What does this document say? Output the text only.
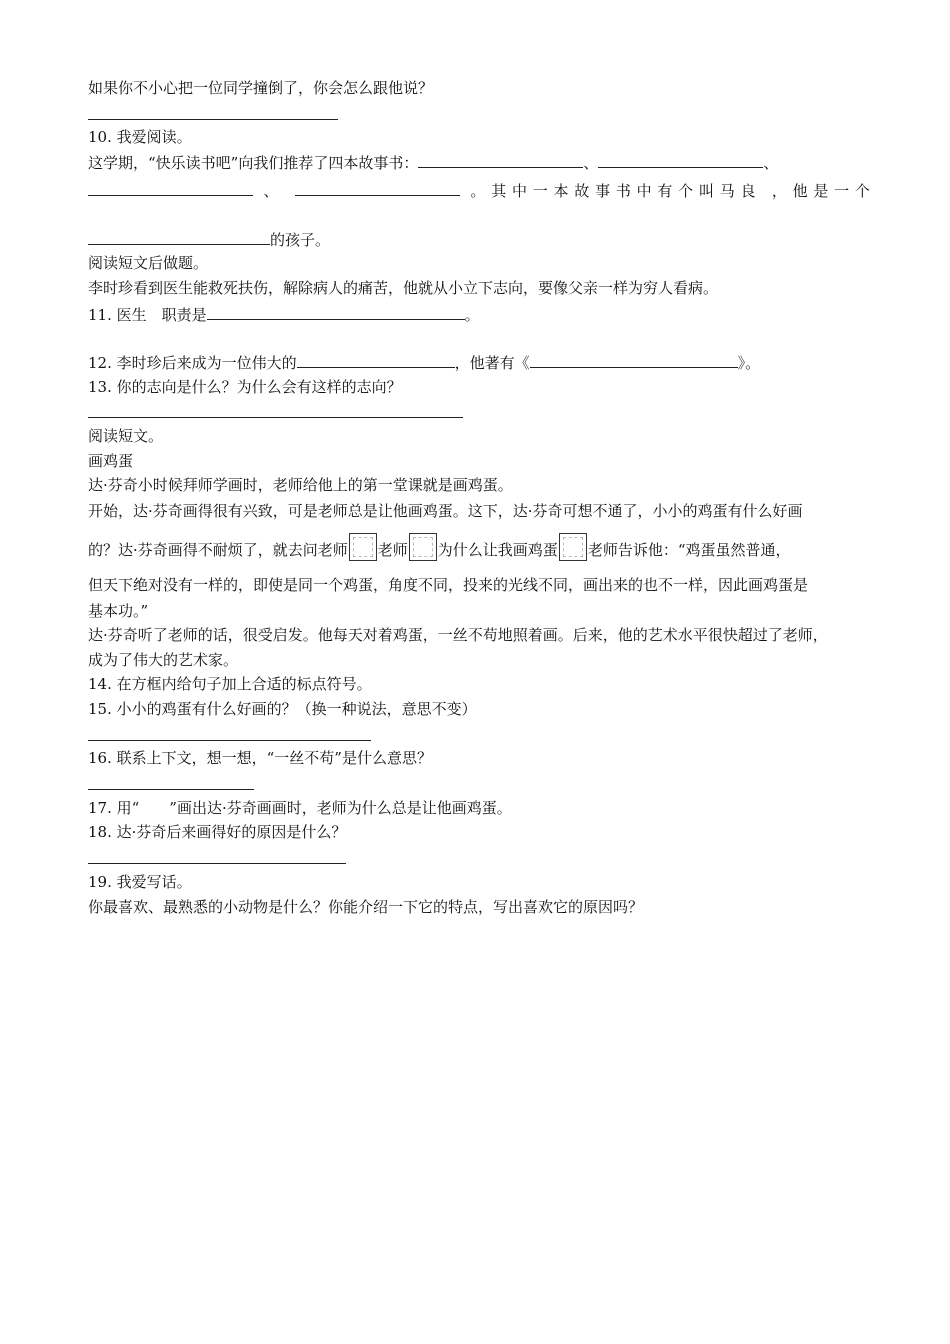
如果你不小心把一位同学撞倒了，你会怎么跟他说？
10. 我爱阅读。
这学期，“快乐读书吧”向我们推荐了四本故事书：	、	、
、	。其中一本故事书中有个叫马良 ，他是一个
的孩子。
阅读短文后做题。
李时珍看到医生能救死扶伤，解除病人的痛苦，他就从小立下志向，要像父亲一样为穷人看病。
11. 医生 职责是	。
12. 李时珍后来成为一位伟大的	，他著有《	》。
13. 你的志向是什么？为什么会有这样的志向？
阅读短文。
画鸡蛋
达·芬奇小时候拜师学画时，老师给他上的第一堂课就是画鸡蛋。
开始，达·芬奇画得很有兴致，可是老师总是让他画鸡蛋。这下，达·芬奇可想不通了，小小的鸡蛋有什么好画
的？达·芬奇画得不耐烦了，就去问老师 老师 为什么让我画鸡蛋 老师告诉他：“鸡蛋虽然普通，
但天下绝对没有一样的，即使是同一个鸡蛋，角度不同，投来的光线不同，画出来的也不一样，因此画鸡蛋是
基本功。”
达·芬奇听了老师的话，很受启发。他每天对着鸡蛋，一丝不苟地照着画。后来，他的艺术水平很快超过了老师，
成为了伟大的艺术家。
14. 在方框内给句子加上合适的标点符号。
15. 小小的鸡蛋有什么好画的？（换一种说法，意思不变）
16. 联系上下文，想一想，“一丝不苟”是什么意思？
17. 用“　　”画出达·芬奇画画时，老师为什么总是让他画鸡蛋。
18. 达·芬奇后来画得好的原因是什么？
19. 我爱写话。
你最喜欢、最熟悉的小动物是什么？你能介绍一下它的特点，写出喜欢它的原因吗？
